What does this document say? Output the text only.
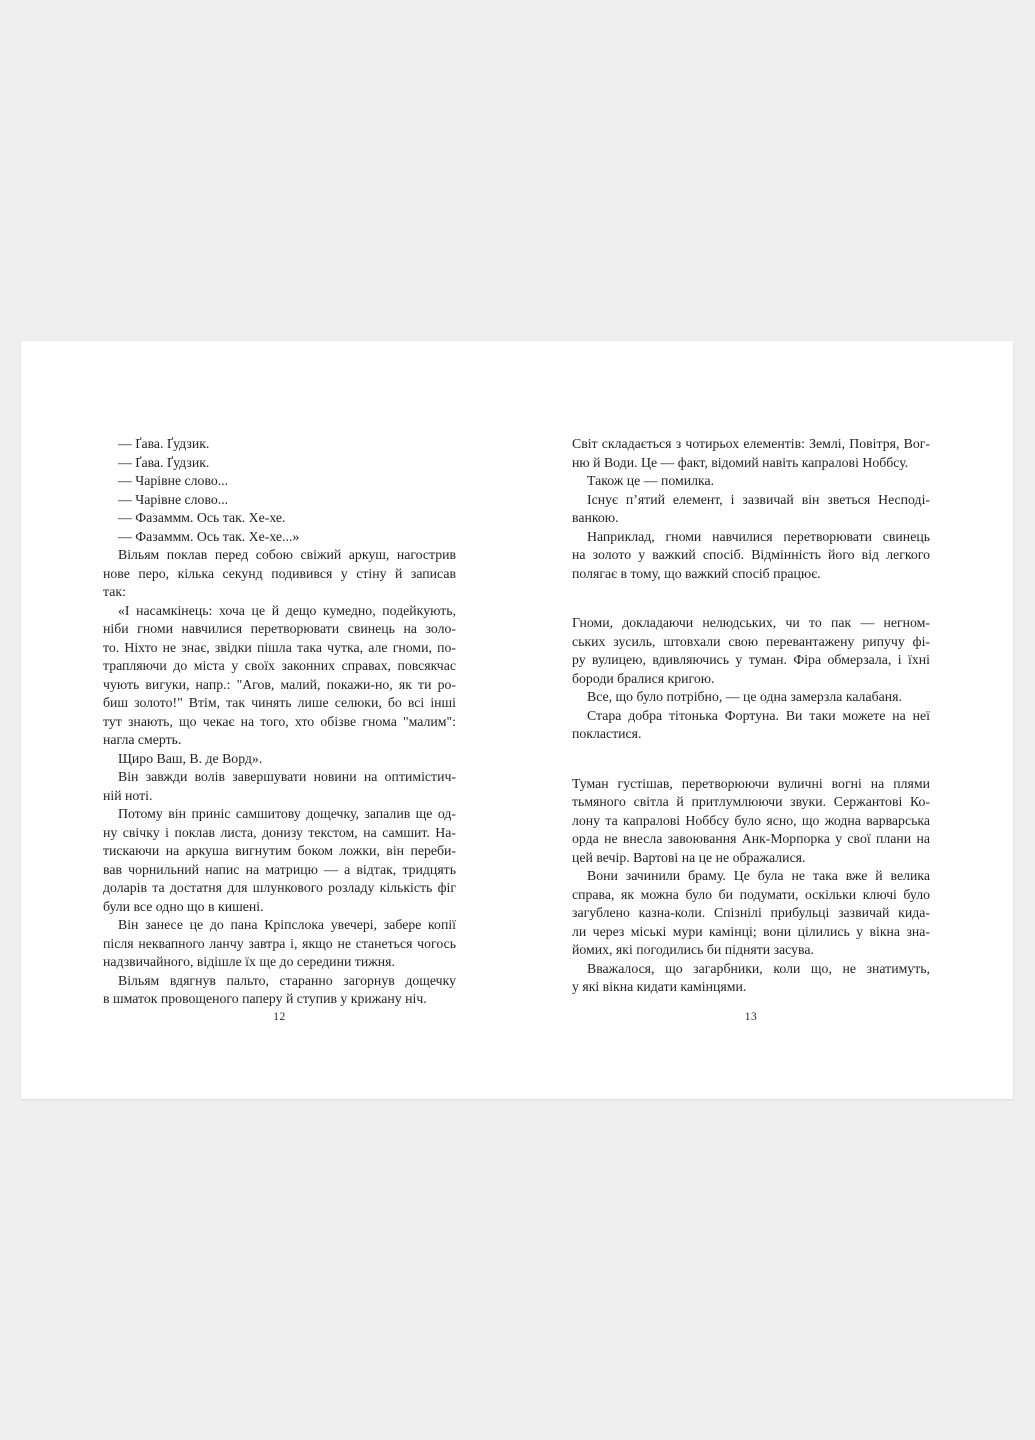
— Ґава. Ґудзик.
— Ґава. Ґудзик.
— Чарівне слово...
— Чарівне слово...
— Фазаммм. Ось так. Хе-хе.
— Фазаммм. Ось так. Хе-хе...»
Вільям поклав перед собою свіжий аркуш, нагострив
нове перо, кілька секунд подивився у стіну й записав
так:
«І насамкінець: хоча це й дещо кумедно, подейкують,
ніби гноми навчилися перетворювати свинець на золо-
то. Ніхто не знає, звідки пішла така чутка, але гноми, по-
трапляючи до міста у своїх законних справах, повсякчас
чують вигуки, напр.: "Агов, малий, покажи-но, як ти ро-
биш золото!" Втім, так чинять лише селюки, бо всі інші
тут знають, що чекає на того, хто обізве гнома "малим":
нагла смерть.
Щиро Ваш, В. де Ворд».
Він завжди волів завершувати новини на оптимістич-
ній ноті.
Потому він приніс самшитову дощечку, запалив ще од-
ну свічку і поклав листа, донизу текстом, на самшит. На-
тискаючи на аркуша вигнутим боком ложки, він переби-
вав чорнильний напис на матрицю — а відтак, тридцять
доларів та достатня для шлункового розладу кількість фіг
були все одно що в кишені.
Він занесе це до пана Кріпслока увечері, забере копії
після неквапного ланчу завтра і, якщо не станеться чогось
надзвичайного, відішле їх ще до середини тижня.
Вільям вдягнув пальто, старанно загорнув дощечку
в шматок провощеного паперу й ступив у крижану ніч.
Світ складається з чотирьох елементів: Землі, Повітря, Вог-
ню й Води. Це — факт, відомий навіть капралові Ноббсу.
Також це — помилка.
Існує п’ятий елемент, і зазвичай він зветься Несподі-
ванкою.
Наприклад, гноми навчилися перетворювати свинець
на золото у важкий спосіб. Відмінність його від легкого
полягає в тому, що важкий спосіб працює.
Гноми, докладаючи нелюдських, чи то пак — негном-
ських зусиль, штовхали свою перевантажену рипучу фі-
ру вулицею, вдивляючись у туман. Фіра обмерзала, і їхні
бороди бралися кригою.
Все, що було потрібно, — це одна замерзла калабаня.
Стара добра тітонька Фортуна. Ви таки можете на неї
покластися.
Туман густішав, перетворюючи вуличні вогні на плями
тьмяного світла й притлумлюючи звуки. Сержантові Ко-
лону та капралові Ноббсу було ясно, що жодна варварська
орда не внесла завоювання Анк-Морпорка у свої плани на
цей вечір. Вартові на це не ображалися.
Вони зачинили браму. Це була не така вже й велика
справа, як можна було би подумати, оскільки ключі було
загублено казна-коли. Спізнілі прибульці зазвичай кида-
ли через міські мури камінці; вони цілились у вікна зна-
йомих, які погодились би підняти засува.
Вважалося, що загарбники, коли що, не знатимуть,
у які вікна кидати камінцями.
12	13
